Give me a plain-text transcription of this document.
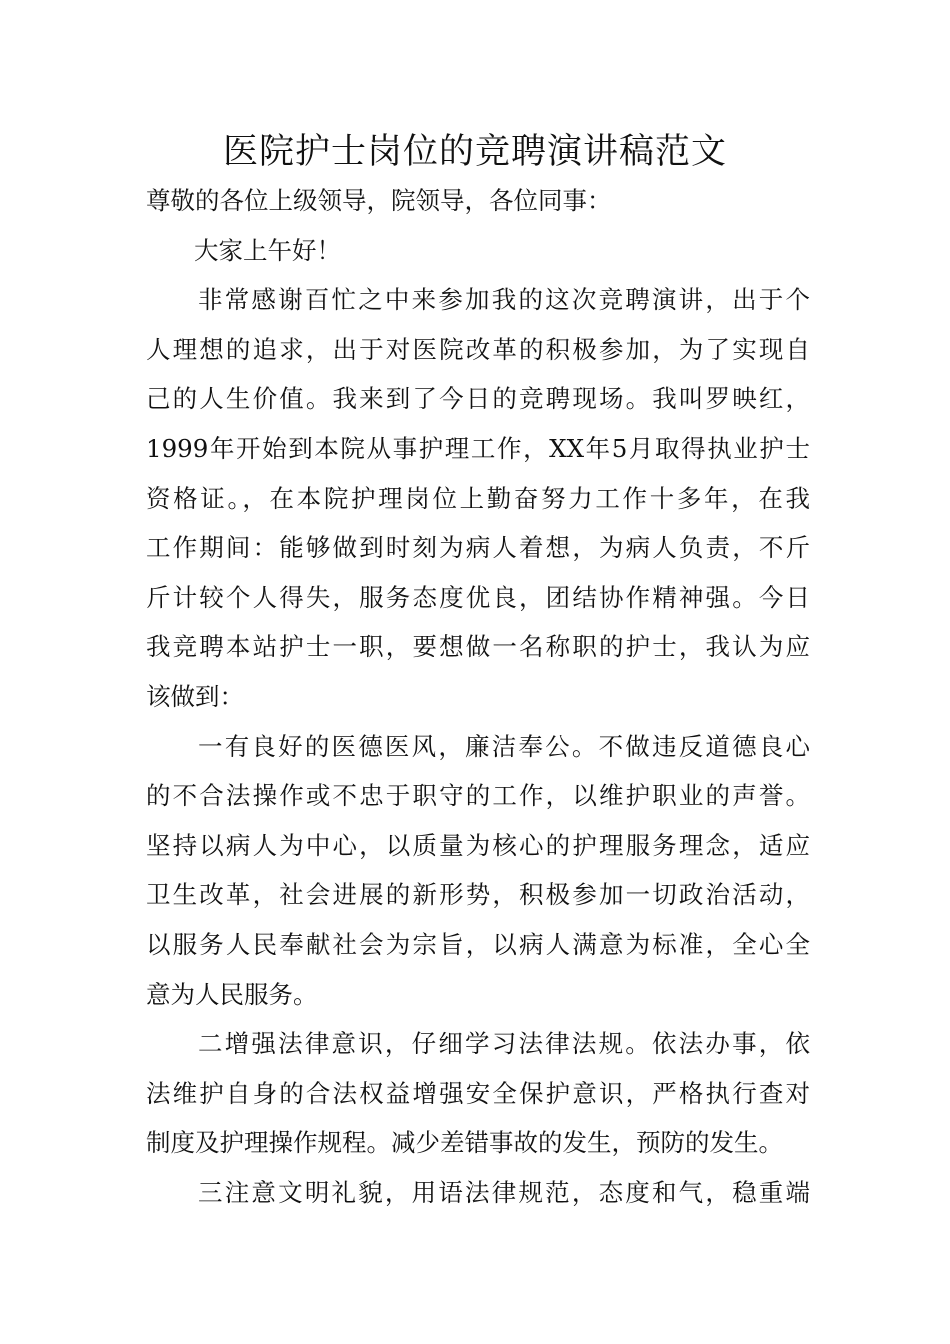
医院护士岗位的竞聘演讲稿范文
尊敬的各位上级领导，院领导，各位同事：
大家上午好！
非常感谢百忙之中来参加我的这次竞聘演讲，出于个
人理想的追求，出于对医院改革的积极参加，为了实现自
己的人生价值。我来到了今日的竞聘现场。我叫罗映红，
1999年开始到本院从事护理工作，XX年5月取得执业护士
资格证。，在本院护理岗位上勤奋努力工作十多年，在我
工作期间：能够做到时刻为病人着想，为病人负责，不斤
斤计较个人得失，服务态度优良，团结协作精神强。今日
我竞聘本站护士一职，要想做一名称职的护士，我认为应
该做到：
一有良好的医德医风，廉洁奉公。不做违反道德良心
的不合法操作或不忠于职守的工作，以维护职业的声誉。
坚持以病人为中心，以质量为核心的护理服务理念，适应
卫生改革，社会进展的新形势，积极参加一切政治活动，
以服务人民奉献社会为宗旨，以病人满意为标准，全心全
意为人民服务。
二增强法律意识，仔细学习法律法规。依法办事，依
法维护自身的合法权益增强安全保护意识，严格执行查对
制度及护理操作规程。减少差错事故的发生，预防的发生。
三注意文明礼貌，用语法律规范，态度和气，稳重端
